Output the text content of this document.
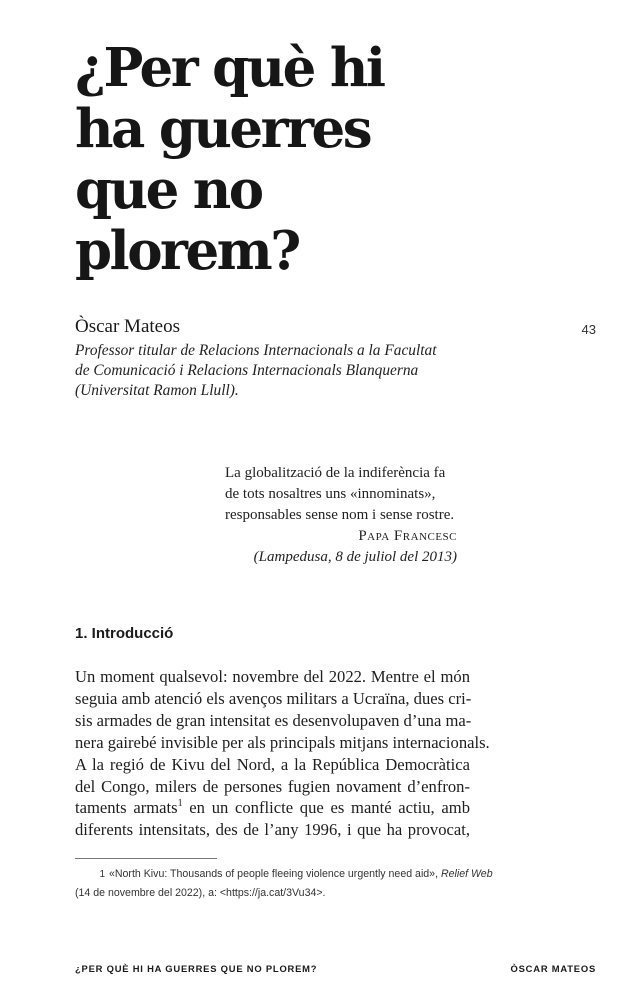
¿Per què hi
ha guerres
que no
plorem?
Òscar Mateos	43
Professor titular de Relacions Internacionals a la Facultat
de Comunicació i Relacions Internacionals Blanquerna
(Universitat Ramon Llull).
La globalització de la indiferència fa
de tots nosaltres uns «innominats»,
responsables sense nom i sense rostre.
Papa Francesc
(Lampedusa, 8 de juliol del 2013)
1. Introducció
Un moment qualsevol: novembre del 2022. Mentre el món
seguia amb atenció els avenços militars a Ucraïna, dues cri-
sis armades de gran intensitat es desenvolupaven d’una ma-
nera gairebé invisible per als principals mitjans internacionals.
A la regió de Kivu del Nord, a la República Democràtica
del Congo, milers de persones fugien novament d’enfron-
taments armats$^1$ en un conflicte que es manté actiu, amb
diferents intensitats, des de l’any 1996, i que ha provocat,
1 «North Kivu: Thousands of people fleeing violence urgently need aid», Relief Web
(14 de novembre del 2022), a: <https://ja.cat/3Vu34>.
¿PER QUÈ HI HA GUERRES QUE NO PLOREM?	ÒSCAR MATEOS
